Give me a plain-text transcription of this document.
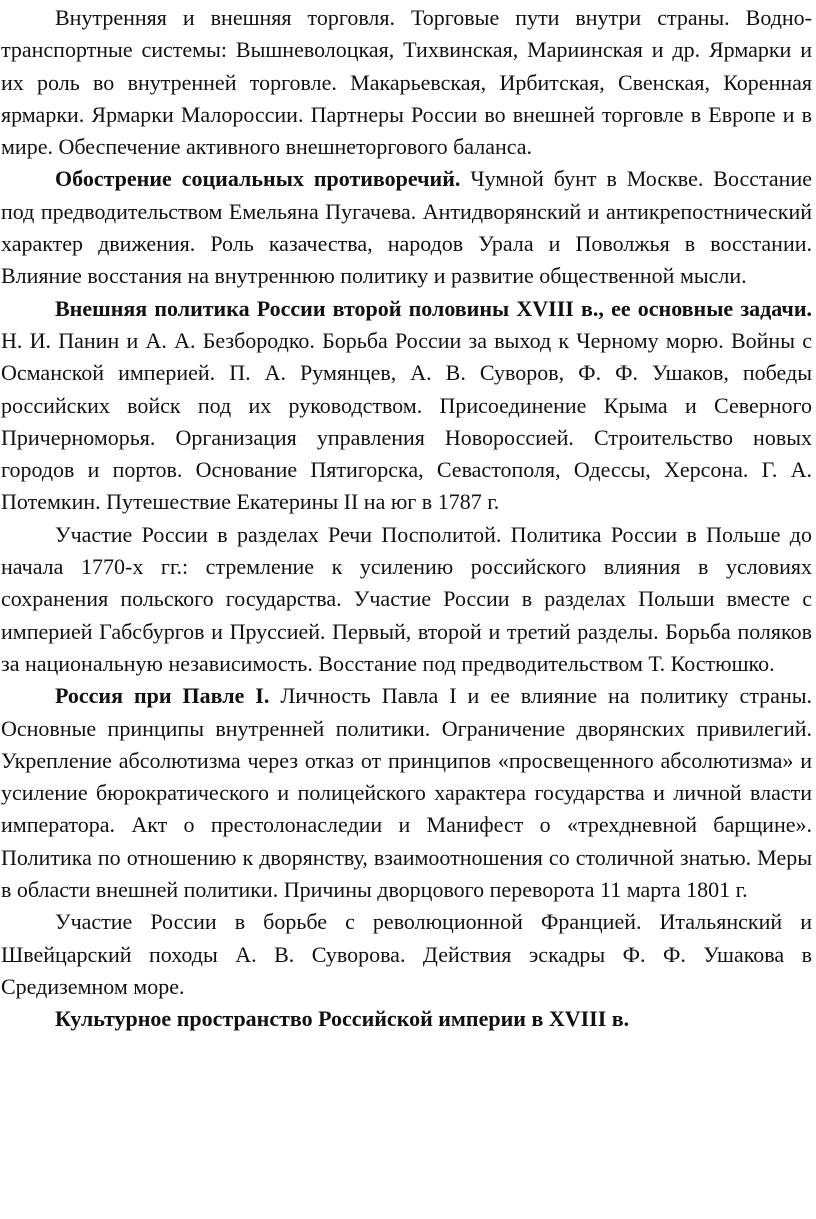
Внутренняя и внешняя торговля. Торговые пути внутри страны. Водно-транспортные системы: Вышневолоцкая, Тихвинская, Мариинская и др. Ярмарки и их роль во внутренней торговле. Макарьевская, Ирбитская, Свенская, Коренная ярмарки. Ярмарки Малороссии. Партнеры России во внешней торговле в Европе и в мире. Обеспечение активного внешнеторгового баланса.

Обострение социальных противоречий. Чумной бунт в Москве. Восстание под предводительством Емельяна Пугачева. Антидворянский и антикрепостнический характер движения. Роль казачества, народов Урала и Поволжья в восстании. Влияние восстания на внутреннюю политику и развитие общественной мысли.

Внешняя политика России второй половины XVIII в., ее основные задачи. Н. И. Панин и А. А. Безбородко. Борьба России за выход к Черному морю. Войны с Османской империей. П. А. Румянцев, А. В. Суворов, Ф. Ф. Ушаков, победы российских войск под их руководством. Присоединение Крыма и Северного Причерноморья. Организация управления Новороссией. Строительство новых городов и портов. Основание Пятигорска, Севастополя, Одессы, Херсона. Г. А. Потемкин. Путешествие Екатерины II на юг в 1787 г.

Участие России в разделах Речи Посполитой. Политика России в Польше до начала 1770-х гг.: стремление к усилению российского влияния в условиях сохранения польского государства. Участие России в разделах Польши вместе с империей Габсбургов и Пруссией. Первый, второй и третий разделы. Борьба поляков за национальную независимость. Восстание под предводительством Т. Костюшко.

Россия при Павле I. Личность Павла I и ее влияние на политику страны. Основные принципы внутренней политики. Ограничение дворянских привилегий. Укрепление абсолютизма через отказ от принципов «просвещенного абсолютизма» и усиление бюрократического и полицейского характера государства и личной власти императора. Акт о престолонаследии и Манифест о «трехдневной барщине». Политика по отношению к дворянству, взаимоотношения со столичной знатью. Меры в области внешней политики. Причины дворцового переворота 11 марта 1801 г.

Участие России в борьбе с революционной Францией. Итальянский и Швейцарский походы А. В. Суворова. Действия эскадры Ф. Ф. Ушакова в Средиземном море.

Культурное пространство Российской империи в XVIII в.
